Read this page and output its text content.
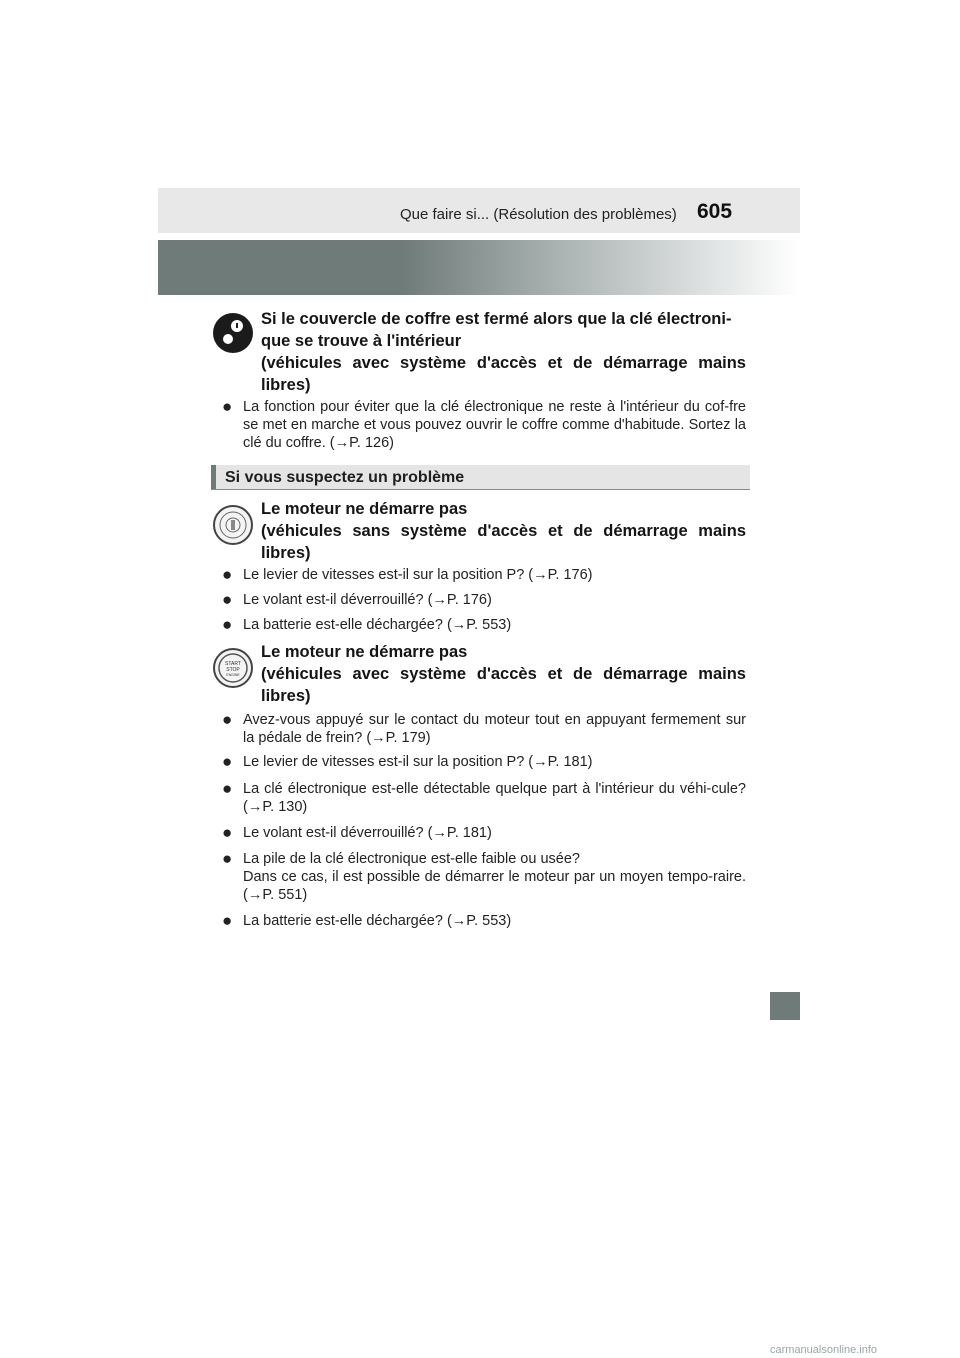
Que faire si... (Résolution des problèmes) 605
Si le couvercle de coffre est fermé alors que la clé électroni-
que se trouve à l'intérieur
(véhicules avec système d'accès et de démarrage mains
libres)
● La fonction pour éviter que la clé électronique ne reste à l'intérieur du cof-fre se met en marche et vous pouvez ouvrir le coffre comme d'habitude. Sortez la clé du coffre. (→P. 126)
Si vous suspectez un problème
Le moteur ne démarre pas
(véhicules sans système d'accès et de démarrage mains
libres)
● Le levier de vitesses est-il sur la position P? (→P. 176)
● Le volant est-il déverrouillé? (→P. 176)
● La batterie est-elle déchargée? (→P. 553)
START
STOP
ENGINE
Le moteur ne démarre pas
(véhicules avec système d'accès et de démarrage mains
libres)
● Avez-vous appuyé sur le contact du moteur tout en appuyant fermement sur la pédale de frein? (→P. 179)
● Le levier de vitesses est-il sur la position P? (→P. 181)
● La clé électronique est-elle détectable quelque part à l'intérieur du véhi-cule? (→P. 130)
● Le volant est-il déverrouillé? (→P. 181)
● La pile de la clé électronique est-elle faible ou usée?
Dans ce cas, il est possible de démarrer le moteur par un moyen tempo-raire. (→P. 551)
● La batterie est-elle déchargée? (→P. 553)
carmanualsonline.info
